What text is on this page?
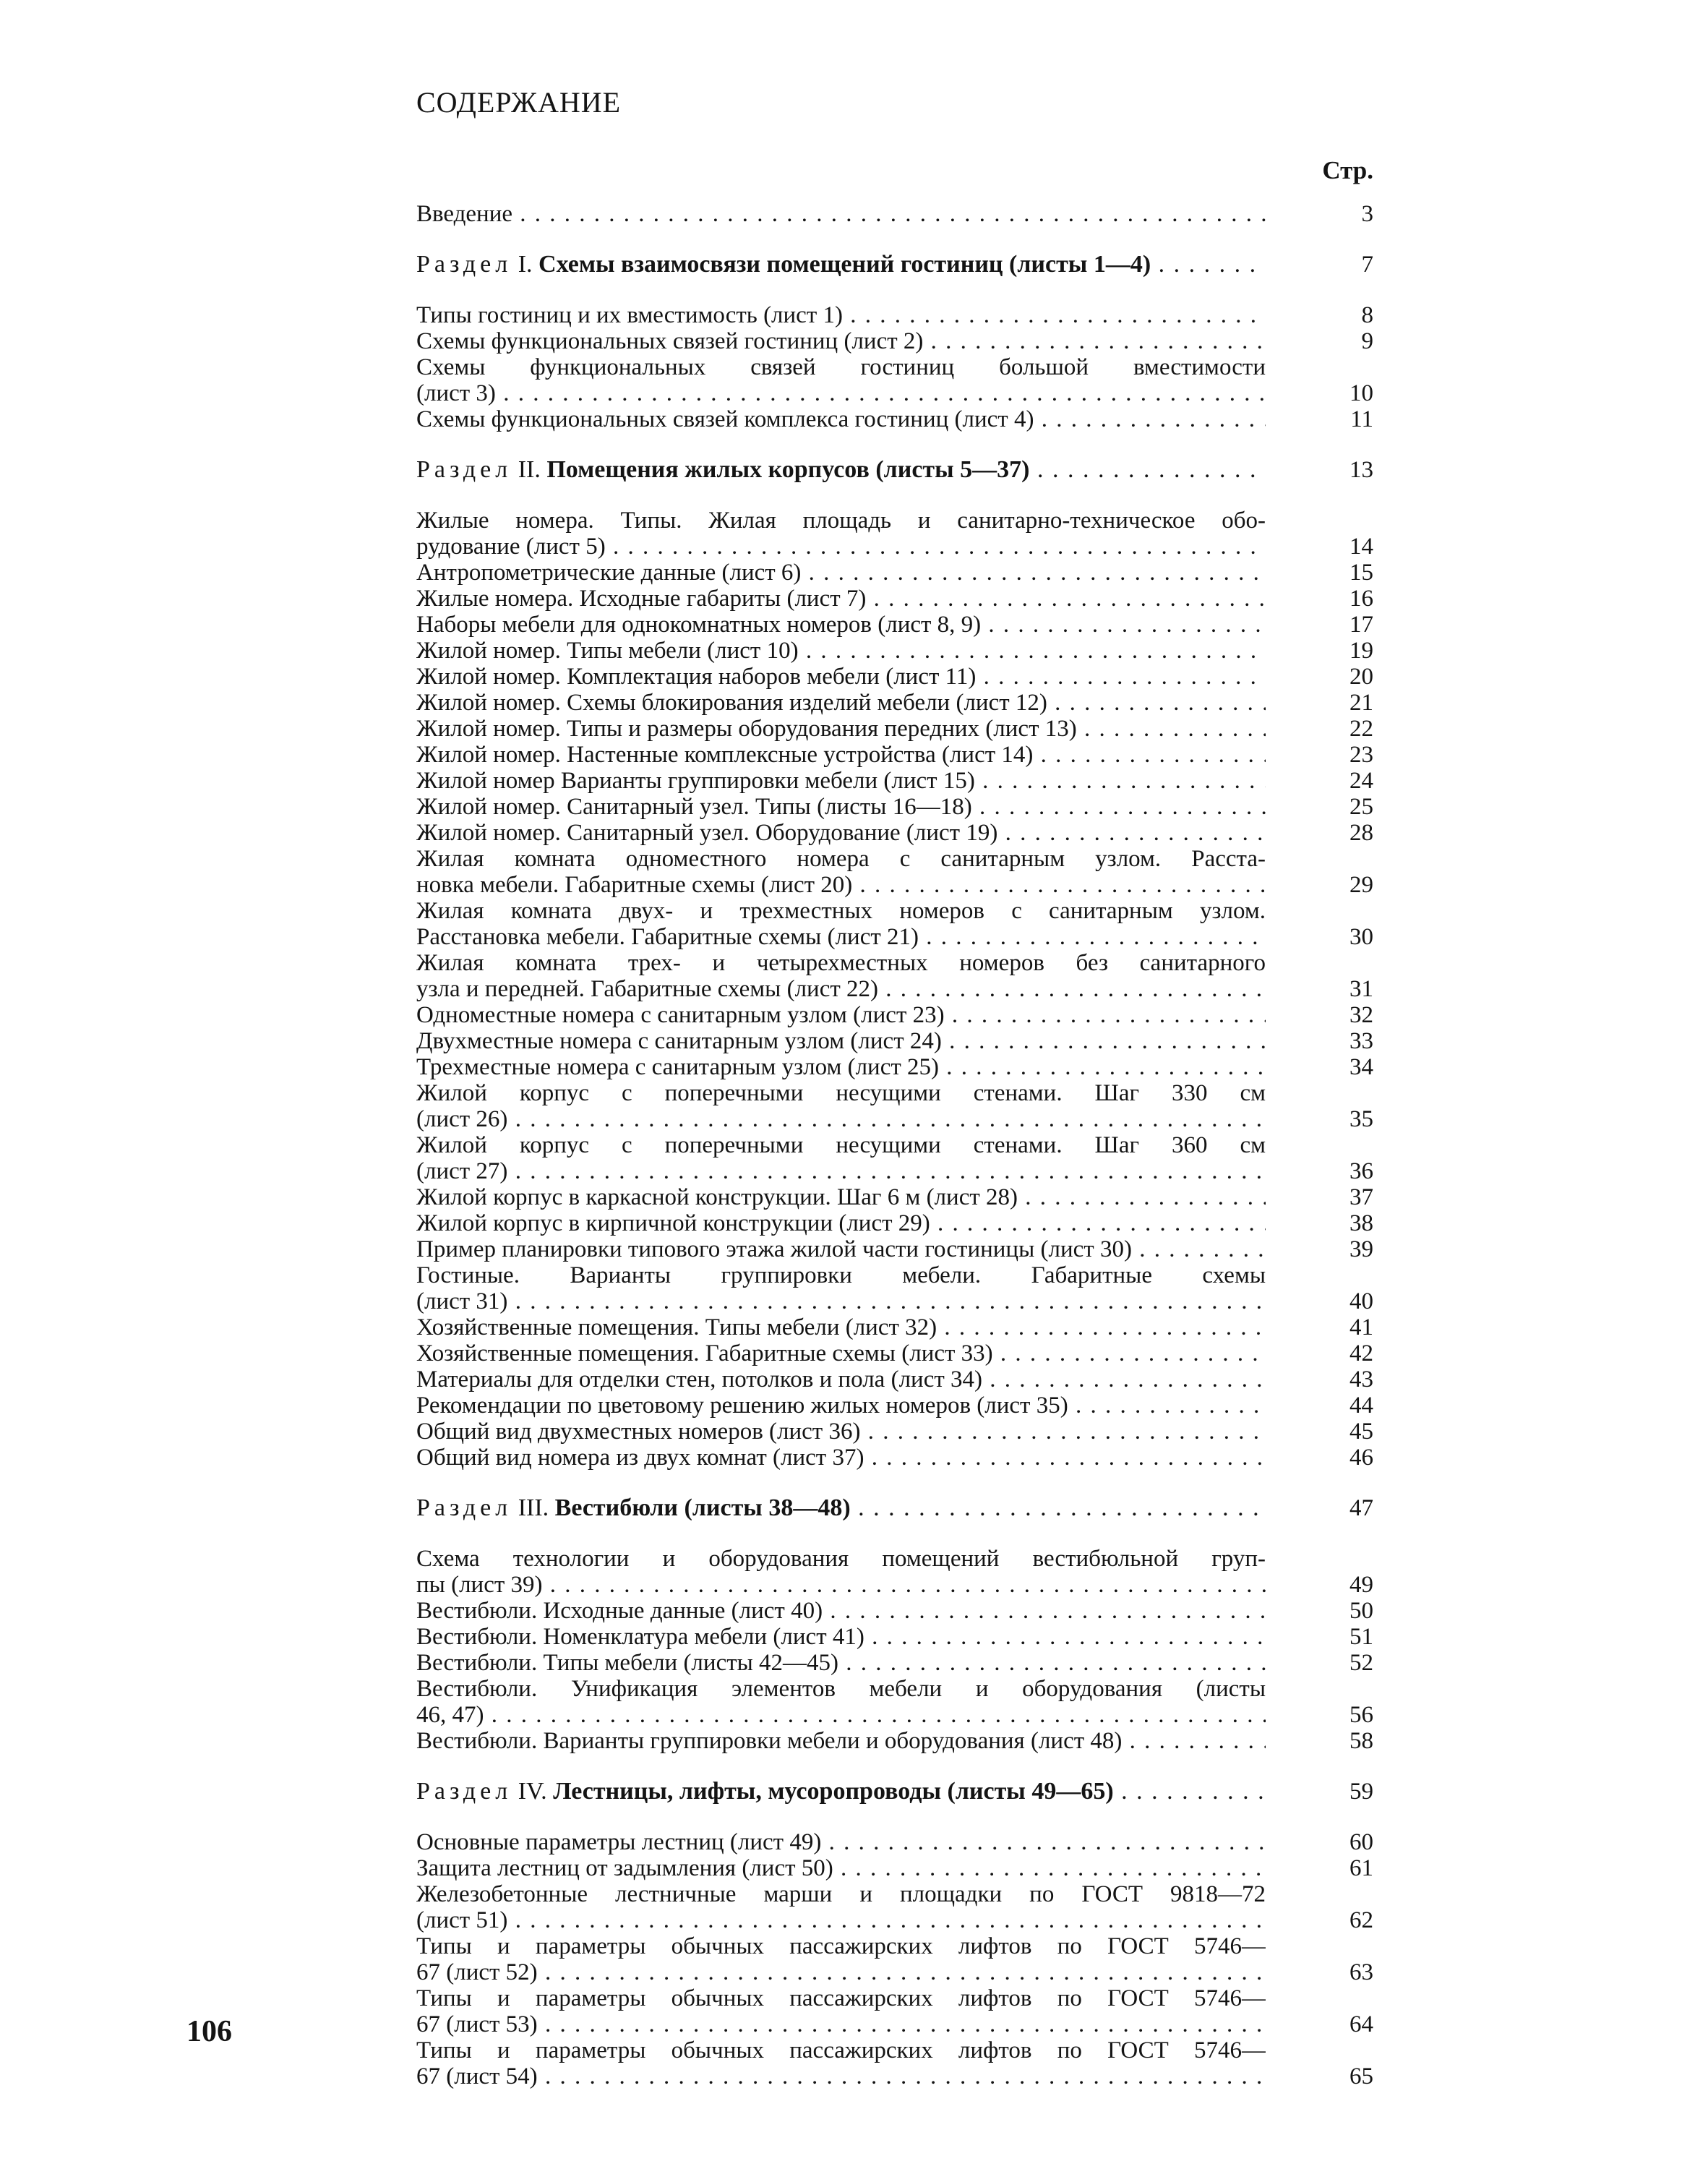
СОДЕРЖАНИЕ
Стр.
Введение . . .	3
Раздел I. Схемы взаимосвязи помещений гостиниц (листы 1—4) . . .	7
Типы гостиниц и их вместимость (лист 1) . . .	8
Схемы функциональных связей гостиниц (лист 2) . . .	9
Схемы функциональных связей гостиниц большой вместимости
(лист 3) . . .	10
Схемы функциональных связей комплекса гостиниц (лист 4) . . .	11
Раздел II. Помещения жилых корпусов (листы 5—37) . . .	13
Жилые номера. Типы. Жилая площадь и санитарно-техническое обо-
рудование (лист 5) . . .	14
Антропометрические данные (лист 6) . . .	15
Жилые номера. Исходные габариты (лист 7) . . .	16
Наборы мебели для однокомнатных номеров (лист 8, 9) . . .	17
Жилой номер. Типы мебели (лист 10) . . .	19
Жилой номер. Комплектация наборов мебели (лист 11) . . .	20
Жилой номер. Схемы блокирования изделий мебели (лист 12) . . .	21
Жилой номер. Типы и размеры оборудования передних (лист 13) . . .	22
Жилой номер. Настенные комплексные устройства (лист 14) . . .	23
Жилой номер Варианты группировки мебели (лист 15) . . .	24
Жилой номер. Санитарный узел. Типы (листы 16—18) . . .	25
Жилой номер. Санитарный узел. Оборудование (лист 19) . . .	28
Жилая комната одноместного номера с санитарным узлом. Расста-
новка мебели. Габаритные схемы (лист 20) . . .	29
Жилая комната двух- и трехместных номеров с санитарным узлом.
Расстановка мебели. Габаритные схемы (лист 21) . . .	30
Жилая комната трех- и четырехместных номеров без санитарного
узла и передней. Габаритные схемы (лист 22) . . .	31
Одноместные номера с санитарным узлом (лист 23) . . .	32
Двухместные номера с санитарным узлом (лист 24) . . .	33
Трехместные номера с санитарным узлом (лист 25) . . .	34
Жилой корпус с поперечными несущими стенами. Шаг 330 см
(лист 26) . . .	35
Жилой корпус с поперечными несущими стенами. Шаг 360 см
(лист 27) . . .	36
Жилой корпус в каркасной конструкции. Шаг 6 м (лист 28) . . .	37
Жилой корпус в кирпичной конструкции (лист 29) . . .	38
Пример планировки типового этажа жилой части гостиницы (лист 30) . . .	39
Гостиные. Варианты группировки мебели. Габаритные схемы
(лист 31) . . .	40
Хозяйственные помещения. Типы мебели (лист 32) . . .	41
Хозяйственные помещения. Габаритные схемы (лист 33) . . .	42
Материалы для отделки стен, потолков и пола (лист 34) . . .	43
Рекомендации по цветовому решению жилых номеров (лист 35) . . .	44
Общий вид двухместных номеров (лист 36) . . .	45
Общий вид номера из двух комнат (лист 37) . . .	46
Раздел III. Вестибюли (листы 38—48) . . .	47
Схема технологии и оборудования помещений вестибюльной груп-
пы (лист 39) . . .	49
Вестибюли. Исходные данные (лист 40) . . .	50
Вестибюли. Номенклатура мебели (лист 41) . . .	51
Вестибюли. Типы мебели (листы 42—45) . . .	52
Вестибюли. Унификация элементов мебели и оборудования (листы
46, 47) . . .	56
Вестибюли. Варианты группировки мебели и оборудования (лист 48) . . .	58
Раздел IV. Лестницы, лифты, мусоропроводы (листы 49—65) . . .	59
Основные параметры лестниц (лист 49) . . .	60
Защита лестниц от задымления (лист 50) . . .	61
Железобетонные лестничные марши и площадки по ГОСТ 9818—72
(лист 51) . . .	62
Типы и параметры обычных пассажирских лифтов по ГОСТ 5746—
67 (лист 52) . . .	63
Типы и параметры обычных пассажирских лифтов по ГОСТ 5746—
67 (лист 53) . . .	64
Типы и параметры обычных пассажирских лифтов по ГОСТ 5746—
67 (лист 54) . . .	65
106
